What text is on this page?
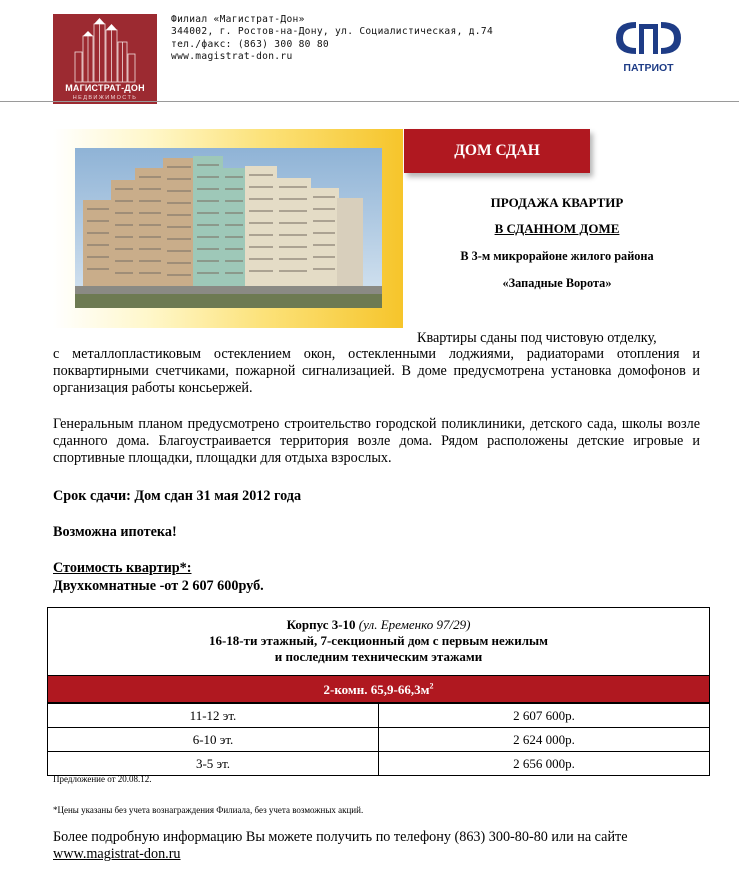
МАГИСТРАТ-ДОН
НЕДВИЖИМОСТЬ
Филиал «Магистрат-Дон»
344002, г. Ростов-на-Дону, ул. Социалистическая, д.74
тел./факс: (863) 300 80 80
www.magistrat-don.ru
ПАТРИОТ
ДОМ СДАН
ПРОДАЖА КВАРТИР
В СДАННОМ ДОМЕ
В 3-м микрорайоне жилого района
«Западные Ворота»
Квартиры сданы под чистовую отделку,
с металлопластиковым остеклением окон, остекленными лоджиями, радиаторами отопления и поквартирными счетчиками, пожарной сигнализацией. В доме предусмотрена установка домофонов и организация работы консьержей.
Генеральным планом предусмотрено строительство городской поликлиники, детского сада, школы возле сданного дома. Благоустраивается территория возле дома. Рядом расположены детские игровые и спортивные площадки, площадки для отдыха взрослых.
Срок сдачи: Дом сдан 31 мая 2012 года
Возможна ипотека!
Стоимость квартир*:
Двухкомнатные -от 2 607 600руб.
Корпус 3-10 (ул. Еременко 97/29)
16-18-ти этажный, 7-секционный дом с первым нежилым
и последним техническим этажами
2-комн. $65,9-66,3м^2$
11-12 эт.	2 607 600р.
6-10 эт.	2 624 000р.
3-5 эт.	2 656 000р.
Предложение от 20.08.12.
*Цены указаны без учета вознаграждения Филиала, без учета возможных акций.
Более подробную информацию Вы можете получить по телефону (863) 300-80-80 или на сайте
www.magistrat-don.ru
